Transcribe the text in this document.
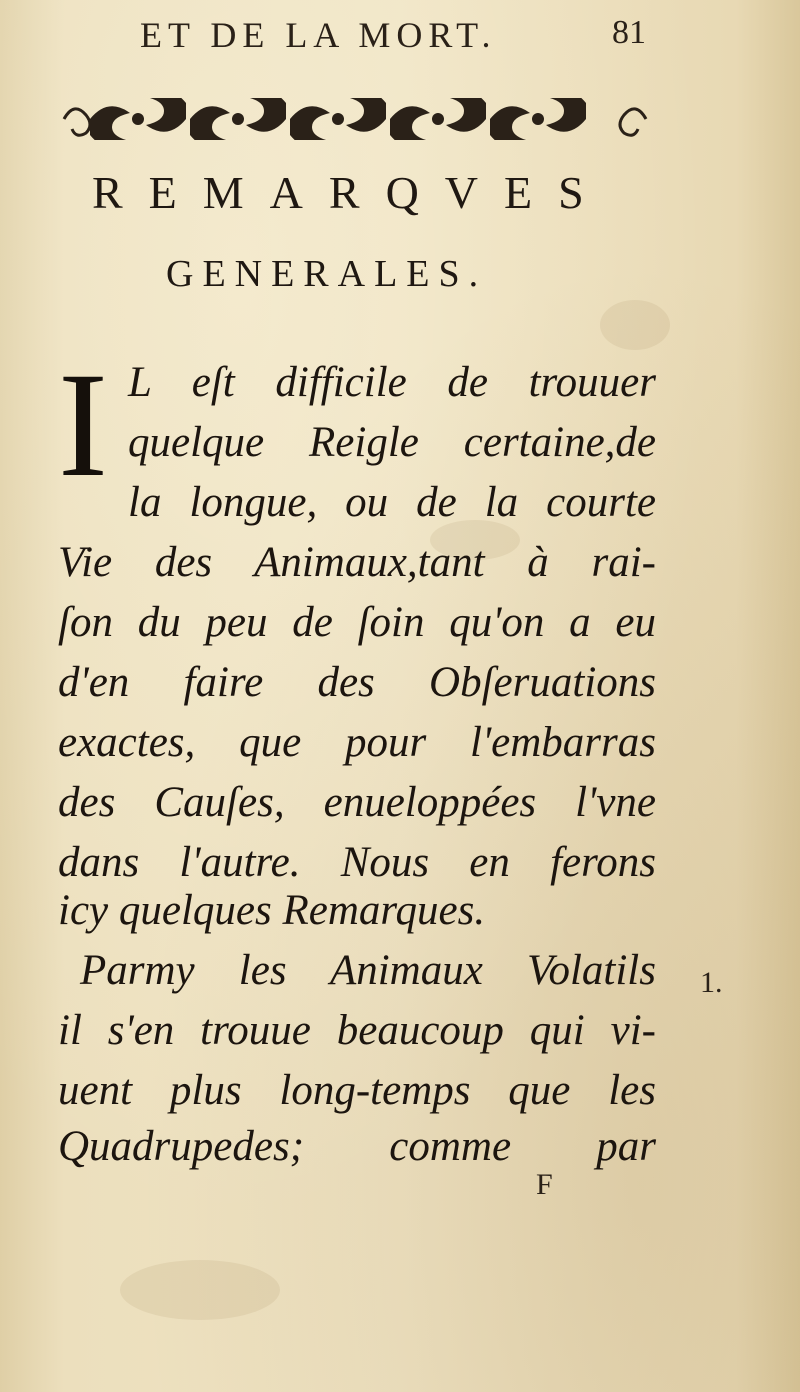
ET DE LA MORT.	81
REMARQVES
GENERALES.
I L eſt difficile de trouuer
quelque Reigle certaine,de
la longue, ou de la courte
Vie des Animaux,tant à rai-
ſon du peu de ſoin qu'on a eu
d'en faire des Obſeruations
exactes, que pour l'embarras
des Cauſes, enueloppées l'vne
dans l'autre. Nous en ferons
icy quelques Remarques.
Parmy les Animaux Volatils
il s'en trouue beaucoup qui vi-
uent plus long-temps que les
Quadrupedes; comme par
1.
F
